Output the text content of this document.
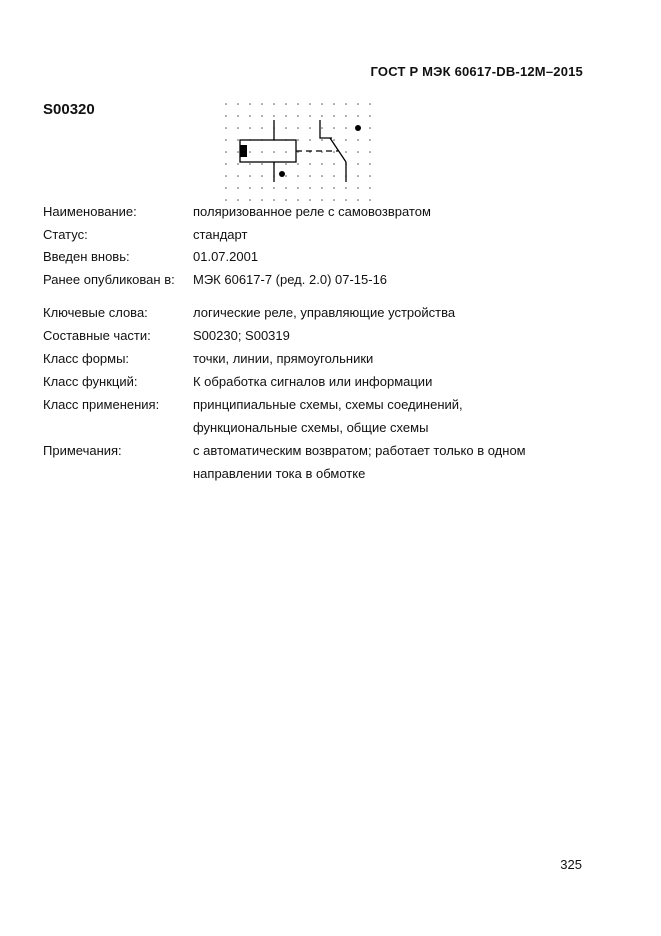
ГОСТ Р МЭК 60617-DB-12M–2015
S00320
Наименование:	поляризованное реле с самовозвратом
Статус:	стандарт
Введен вновь:	01.07.2001
Ранее опубликован в: МЭК 60617-7 (ред. 2.0) 07-15-16
Ключевые слова:	логические реле, управляющие устройства
Составные части:	S00230; S00319
Класс формы:	точки, линии, прямоугольники
Класс функций:	К обработка сигналов или информации
Класс применения:	принципиальные схемы, схемы соединений,
функциональные схемы, общие схемы
Примечания:	с автоматическим возвратом; работает только в одном
направлении тока в обмотке
325
